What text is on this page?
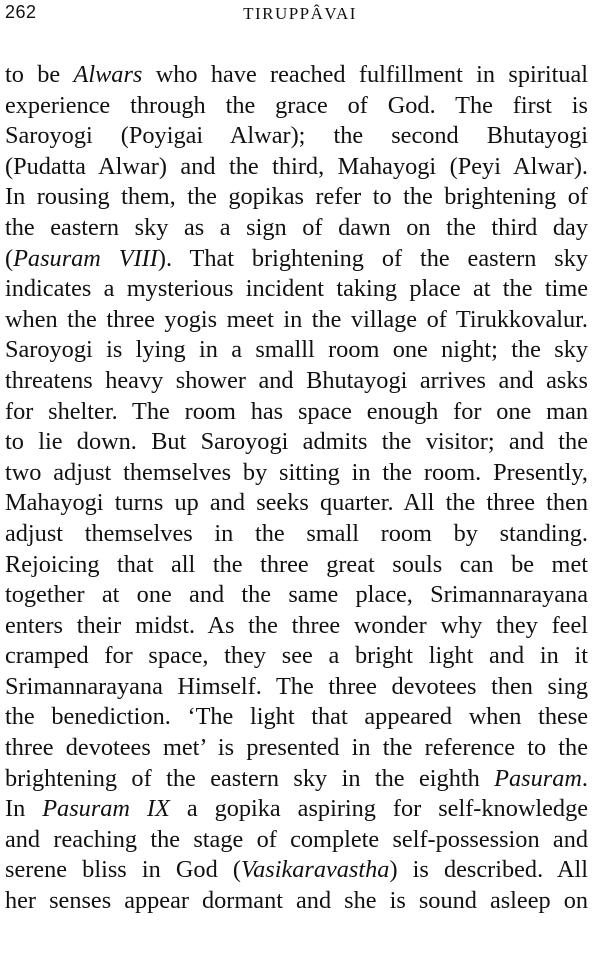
262	TIRUPPÂVAI
to be Alwars who have reached fulfillment in spiritual
experience through the grace of God. The first is
Saroyogi (Poyigai Alwar); the second Bhutayogi
(Pudatta Alwar) and the third, Mahayogi (Peyi Alwar).
In rousing them, the gopikas refer to the brightening of
the eastern sky as a sign of dawn on the third day
(Pasuram VIII). That brightening of the eastern sky
indicates a mysterious incident taking place at the time
when the three yogis meet in the village of Tirukkovalur.
Saroyogi is lying in a smalll room one night; the sky
threatens heavy shower and Bhutayogi arrives and asks
for shelter. The room has space enough for one man
to lie down. But Saroyogi admits the visitor; and the
two adjust themselves by sitting in the room. Presently,
Mahayogi turns up and seeks quarter. All the three then
adjust themselves in the small room by standing.
Rejoicing that all the three great souls can be met
together at one and the same place, Srimannarayana
enters their midst. As the three wonder why they feel
cramped for space, they see a bright light and in it
Srimannarayana Himself. The three devotees then sing
the benediction. ‘The light that appeared when these
three devotees met’ is presented in the reference to the
brightening of the eastern sky in the eighth Pasuram.
In Pasuram IX a gopika aspiring for self-knowledge
and reaching the stage of complete self-possession and
serene bliss in God (Vasikaravastha) is described. All
her senses appear dormant and she is sound asleep on
